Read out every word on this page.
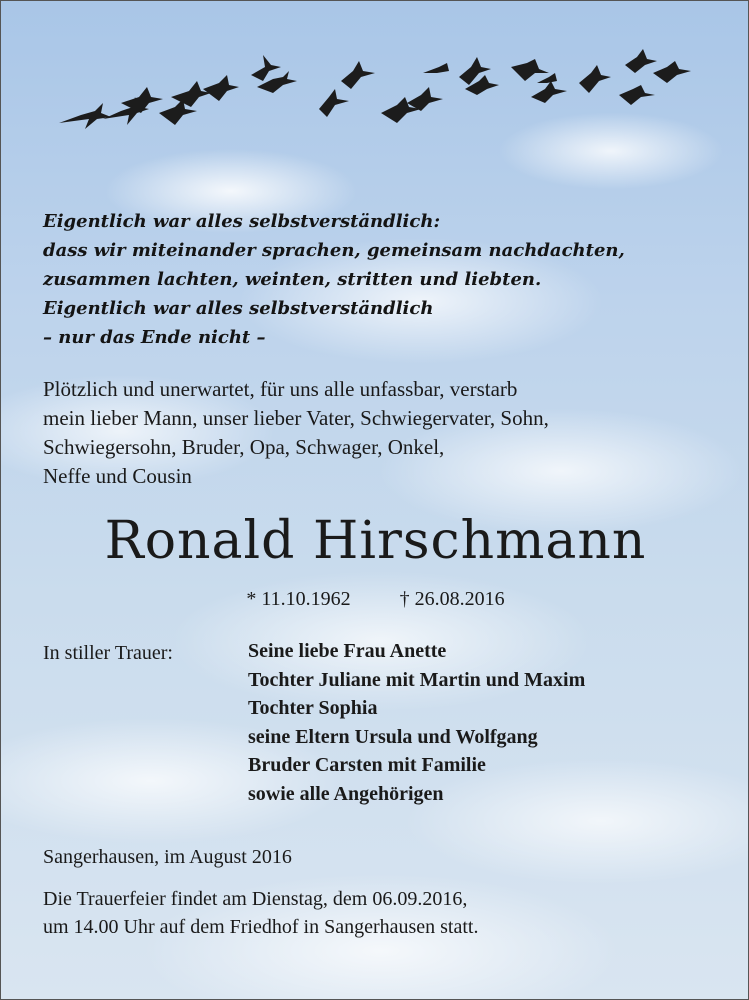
Eigentlich war alles selbstverständlich:
dass wir miteinander sprachen, gemeinsam nachdachten,
zusammen lachten, weinten, stritten und liebten.
Eigentlich war alles selbstverständlich
– nur das Ende nicht –
Plötzlich und unerwartet, für uns alle unfassbar, verstarb
mein lieber Mann, unser lieber Vater, Schwiegervater, Sohn,
Schwiegersohn, Bruder, Opa, Schwager, Onkel,
Neffe und Cousin
Ronald Hirschmann
* 11.10.1962 † 26.08.2016
In stiller Trauer:	Seine liebe Frau Anette
Tochter Juliane mit Martin und Maxim
Tochter Sophia
seine Eltern Ursula und Wolfgang
Bruder Carsten mit Familie
sowie alle Angehörigen
Sangerhausen, im August 2016
Die Trauerfeier findet am Dienstag, dem 06.09.2016,
um 14.00 Uhr auf dem Friedhof in Sangerhausen statt.
